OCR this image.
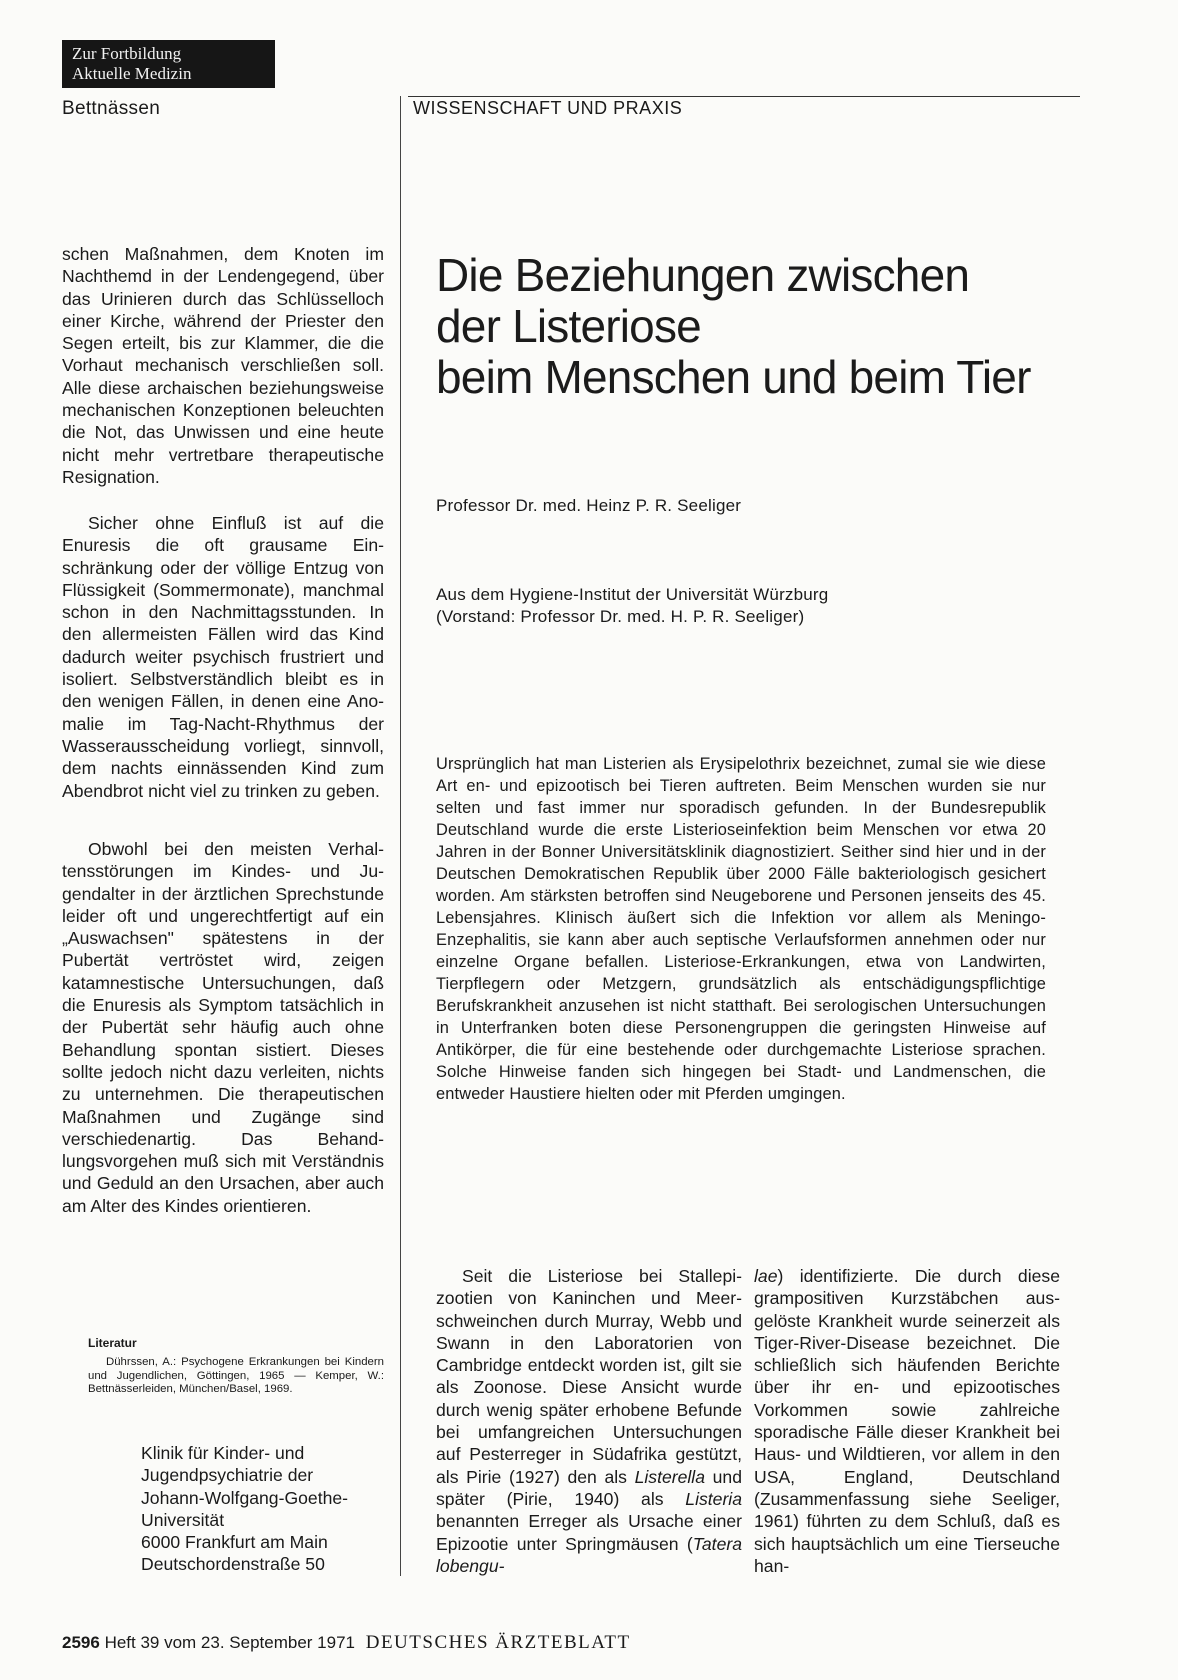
Zur Fortbildung
Aktuelle Medizin
Bettnässen	WISSENSCHAFT UND PRAXIS

schen Maßnahmen, dem Knoten im Nachthemd in der Lendengegend, über das Urinieren durch das Schlüsselloch einer Kirche, während der Priester den Segen erteilt, bis zur Klammer, die die Vorhaut mechanisch verschließen soll. Alle diese archaischen beziehungsweise mechanischen Konzeptionen beleuchten die Not, das Unwissen und eine heute nicht mehr vertretbare therapeutische Resignation.

Sicher ohne Einfluß ist auf die Enuresis die oft grausame Einschränkung oder der völlige Entzug von Flüssigkeit (Sommermonate), manchmal schon in den Nachmittagsstunden. In den allermeisten Fällen wird das Kind dadurch weiter psychisch frustriert und isoliert. Selbstverständlich bleibt es in den wenigen Fällen, in denen eine Anomalie im Tag-Nacht-Rhythmus der Wasserausscheidung vorliegt, sinnvoll, dem nachts einnässenden Kind zum Abendbrot nicht viel zu trinken zu geben.

Obwohl bei den meisten Verhaltensstörungen im Kindes- und Jugendalter in der ärztlichen Sprechstunde leider oft und ungerechtfertigt auf ein „Auswachsen" spätestens in der Pubertät vertröstet wird, zeigen katamnestische Untersuchungen, daß die Enuresis als Symptom tatsächlich in der Pubertät sehr häufig auch ohne Behandlung spontan sistiert. Dieses sollte jedoch nicht dazu verleiten, nichts zu unternehmen. Die therapeutischen Maßnahmen und Zugänge sind verschiedenartig. Das Behandlungsvorgehen muß sich mit Verständnis und Geduld an den Ursachen, aber auch am Alter des Kindes orientieren.

Literatur

Dührssen, A.: Psychogene Erkrankungen bei Kindern und Jugendlichen, Göttingen, 1965 — Kemper, W.: Bettnässerleiden, München/Basel, 1969.

Klinik für Kinder- und
Jugendpsychiatrie der
Johann-Wolfgang-Goethe-
Universität
6000 Frankfurt am Main
Deutschordenstraße 50
Die Beziehungen zwischen
der Listeriose
beim Menschen und beim Tier
Professor Dr. med. Heinz P. R. Seeliger
Aus dem Hygiene-Institut der Universität Würzburg
(Vorstand: Professor Dr. med. H. P. R. Seeliger)

Ursprünglich hat man Listerien als Erysipelothrix bezeichnet, zumal sie wie diese Art en- und epizootisch bei Tieren auftreten. Beim Menschen wurden sie nur selten und fast immer nur sporadisch gefunden. In der Bundesrepublik Deutschland wurde die erste Listerioseinfektion beim Menschen vor etwa 20 Jahren in der Bonner Universitätsklinik diagnostiziert. Seither sind hier und in der Deutschen Demokratischen Republik über 2000 Fälle bakteriologisch gesichert worden. Am stärksten betroffen sind Neugeborene und Personen jenseits des 45. Lebensjahres. Klinisch äußert sich die Infektion vor allem als Meningo-Enzephalitis, sie kann aber auch septische Verlaufsformen annehmen oder nur einzelne Organe befallen. Listeriose-Erkrankungen, etwa von Landwirten, Tierpflegern oder Metzgern, grundsätzlich als entschädigungspflichtige Berufskrankheit anzusehen ist nicht statthaft. Bei serologischen Untersuchungen in Unterfranken boten diese Personengruppen die geringsten Hinweise auf Antikörper, die für eine bestehende oder durchgemachte Listeriose sprachen. Solche Hinweise fanden sich hingegen bei Stadt- und Landmenschen, die entweder Haustiere hielten oder mit Pferden umgingen.

Seit die Listeriose bei Stallepizootien von Kaninchen und Meerschweinchen durch Murray, Webb und Swann in den Laboratorien von Cambridge entdeckt worden ist, gilt sie als Zoonose. Diese Ansicht wurde durch wenig später erhobene Befunde bei umfangreichen Untersuchungen auf Pesterreger in Südafrika gestützt, als Pirie (1927) den als Listerella und später (Pirie, 1940) als Listeria benannten Erreger als Ursache einer Epizootie unter Springmäusen (Tatera lobengu-

lae) identifizierte. Die durch diese grampositiven Kurzstäbchen ausgelöste Krankheit wurde seinerzeit als Tiger-River-Disease bezeichnet. Die schließlich sich häufenden Berichte über ihr en- und epizootisches Vorkommen sowie zahlreiche sporadische Fälle dieser Krankheit bei Haus- und Wildtieren, vor allem in den USA, England, Deutschland (Zusammenfassung siehe Seeliger, 1961) führten zu dem Schluß, daß es sich hauptsächlich um eine Tierseuche han-

2596 Heft 39 vom 23. September 1971 DEUTSCHES ÄRZTEBLATT
